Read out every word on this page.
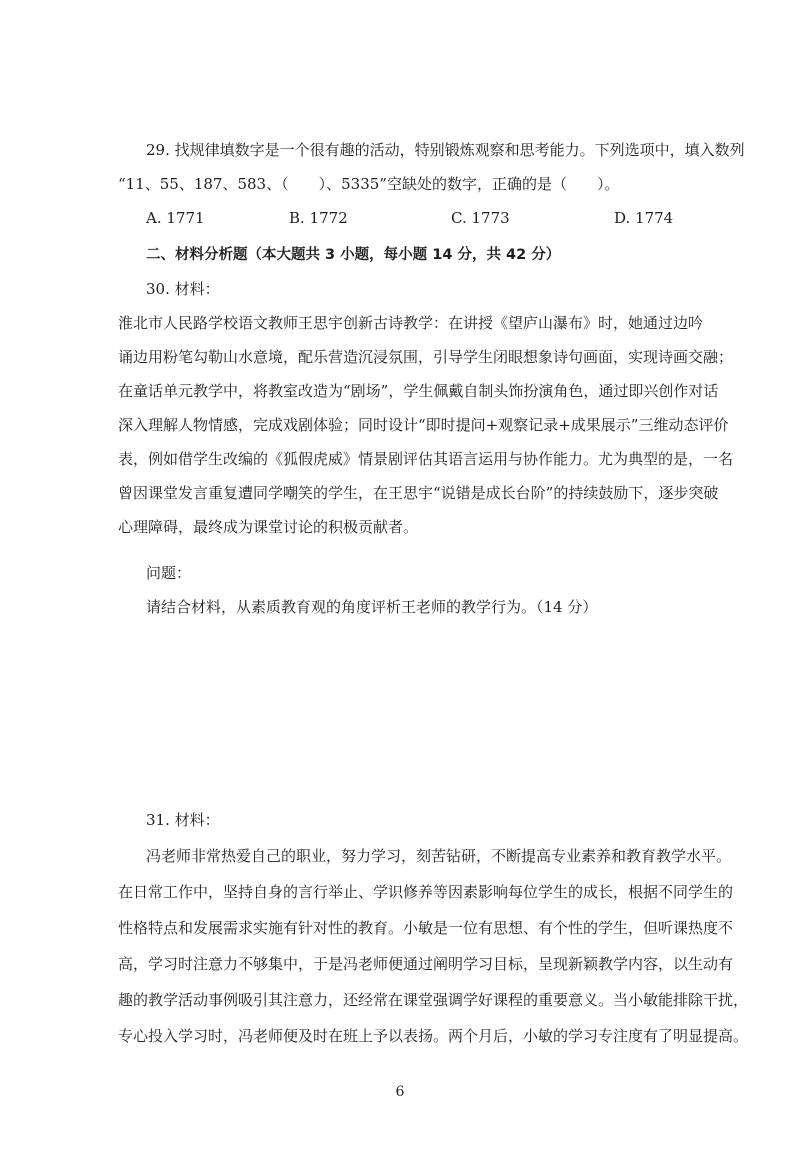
29. 找规律填数字是一个很有趣的活动，特别锻炼观察和思考能力。下列选项中，填入数列
“11、55、187、583、（　　）、5335”空缺处的数字，正确的是（　　）。
A. 1771	B. 1772	C. 1773	D. 1774
二、材料分析题（本大题共 3 小题，每小题 14 分，共 42 分）
30. 材料：
淮北市人民路学校语文教师王思宇创新古诗教学：在讲授《望庐山瀑布》时，她通过边吟
诵边用粉笔勾勒山水意境，配乐营造沉浸氛围，引导学生闭眼想象诗句画面，实现诗画交融；
在童话单元教学中，将教室改造为“剧场”，学生佩戴自制头饰扮演角色，通过即兴创作对话
深入理解人物情感，完成戏剧体验；同时设计“即时提问+观察记录+成果展示”三维动态评价
表，例如借学生改编的《狐假虎威》情景剧评估其语言运用与协作能力。尤为典型的是，一名
曾因课堂发言重复遭同学嘲笑的学生，在王思宇“说错是成长台阶”的持续鼓励下，逐步突破
心理障碍，最终成为课堂讨论的积极贡献者。
问题：
请结合材料，从素质教育观的角度评析王老师的教学行为。（14 分）
31. 材料：
冯老师非常热爱自己的职业，努力学习，刻苦钻研，不断提高专业素养和教育教学水平。
在日常工作中，坚持自身的言行举止、学识修养等因素影响每位学生的成长，根据不同学生的
性格特点和发展需求实施有针对性的教育。小敏是一位有思想、有个性的学生，但听课热度不
高，学习时注意力不够集中，于是冯老师便通过阐明学习目标，呈现新颖教学内容，以生动有
趣的教学活动事例吸引其注意力，还经常在课堂强调学好课程的重要意义。当小敏能排除干扰，
专心投入学习时，冯老师便及时在班上予以表扬。两个月后，小敏的学习专注度有了明显提高。
6
